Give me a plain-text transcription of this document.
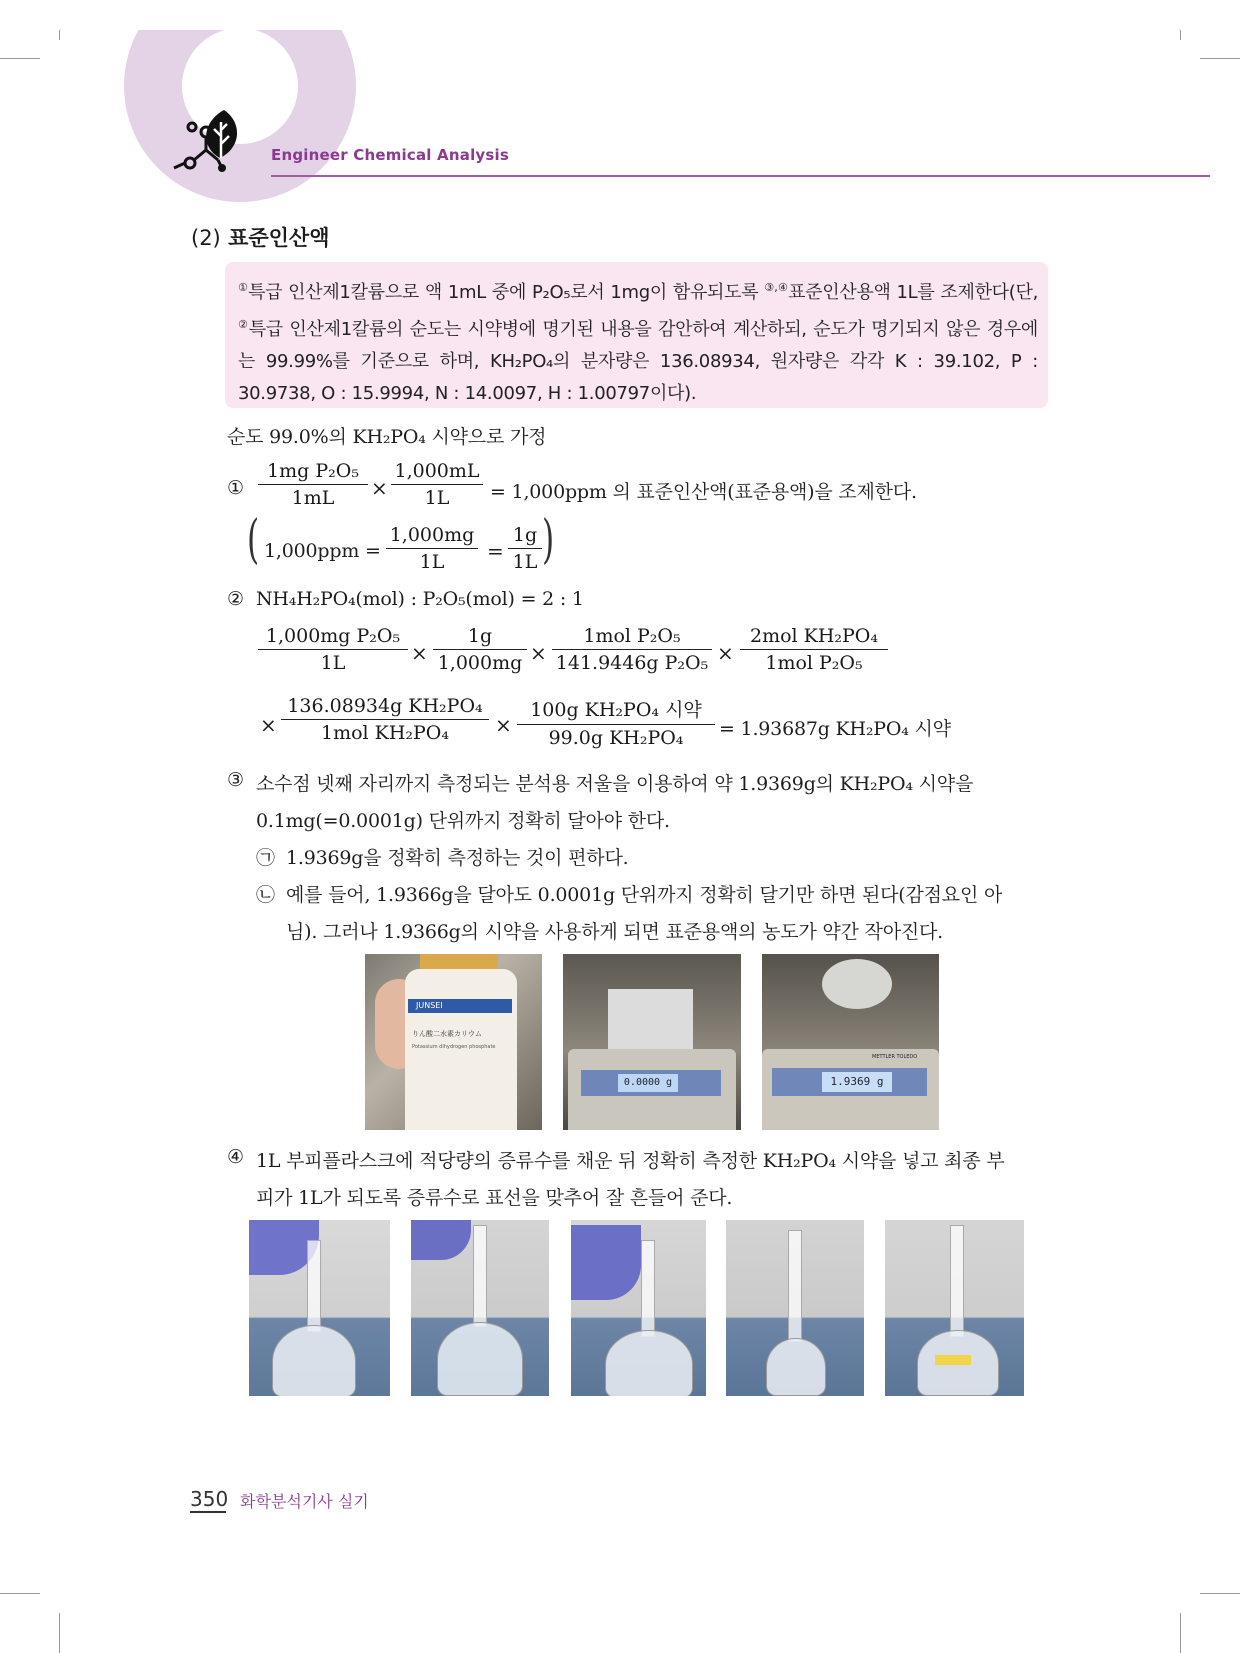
Engineer Chemical Analysis
(2) 표준인산액
①특급 인산제1칼륨으로 액 1mL 중에 P₂O₅로서 1mg이 함유되도록 ③,④표준인산용액 1L를 조제한다(단, ②특급 인산제1칼륨의 순도는 시약병에 명기된 내용을 감안하여 계산하되, 순도가 명기되지 않은 경우에는 99.99%를 기준으로 하며, KH₂PO₄의 분자량은 136.08934, 원자량은 각각 K : 39.102, P : 30.9738, O : 15.9994, N : 14.0097, H : 1.00797이다).
순도 99.0%의 KH₂PO₄ 시약으로 가정
①
1mg P₂O₅
1mL	×
1,000mL
1L	= 1,000ppm 의 표준인산액(표준용액)을 조제한다.
( 1,000ppm =
1,000mg
1L	=
1g
1L )
② NH₄H₂PO₄(mol) : P₂O₅(mol) = 2 : 1
1,000mg P₂O₅
1L	×
1g
1,000mg ×
1mol P₂O₅
141.9446g P₂O₅ ×
2mol KH₂PO₄
1mol P₂O₅
×
136.08934g KH₂PO₄
1mol KH₂PO₄	×
100g KH₂PO₄ 시약
99.0g KH₂PO₄	= 1.93687g KH₂PO₄ 시약
③ 소수점 넷째 자리까지 측정되는 분석용 저울을 이용하여 약 1.9369g의 KH₂PO₄ 시약을
0.1mg(=0.0001g) 단위까지 정확히 달아야 한다.
㉠ 1.9369g을 정확히 측정하는 것이 편하다.
㉡ 예를 들어, 1.9366g을 달아도 0.0001g 단위까지 정확히 달기만 하면 된다(감점요인 아
님). 그러나 1.9366g의 시약을 사용하게 되면 표준용액의 농도가 약간 작아진다.
JUNSEI
りん酸二水素カリウム
Potassium dihydrogen phosphate
0.0000 g
METTLER TOLEDO
1.9369 g
④ 1L 부피플라스크에 적당량의 증류수를 채운 뒤 정확히 측정한 KH₂PO₄ 시약을 넣고 최종 부
피가 1L가 되도록 증류수로 표선을 맞추어 잘 흔들어 준다.
350 화학분석기사 실기
